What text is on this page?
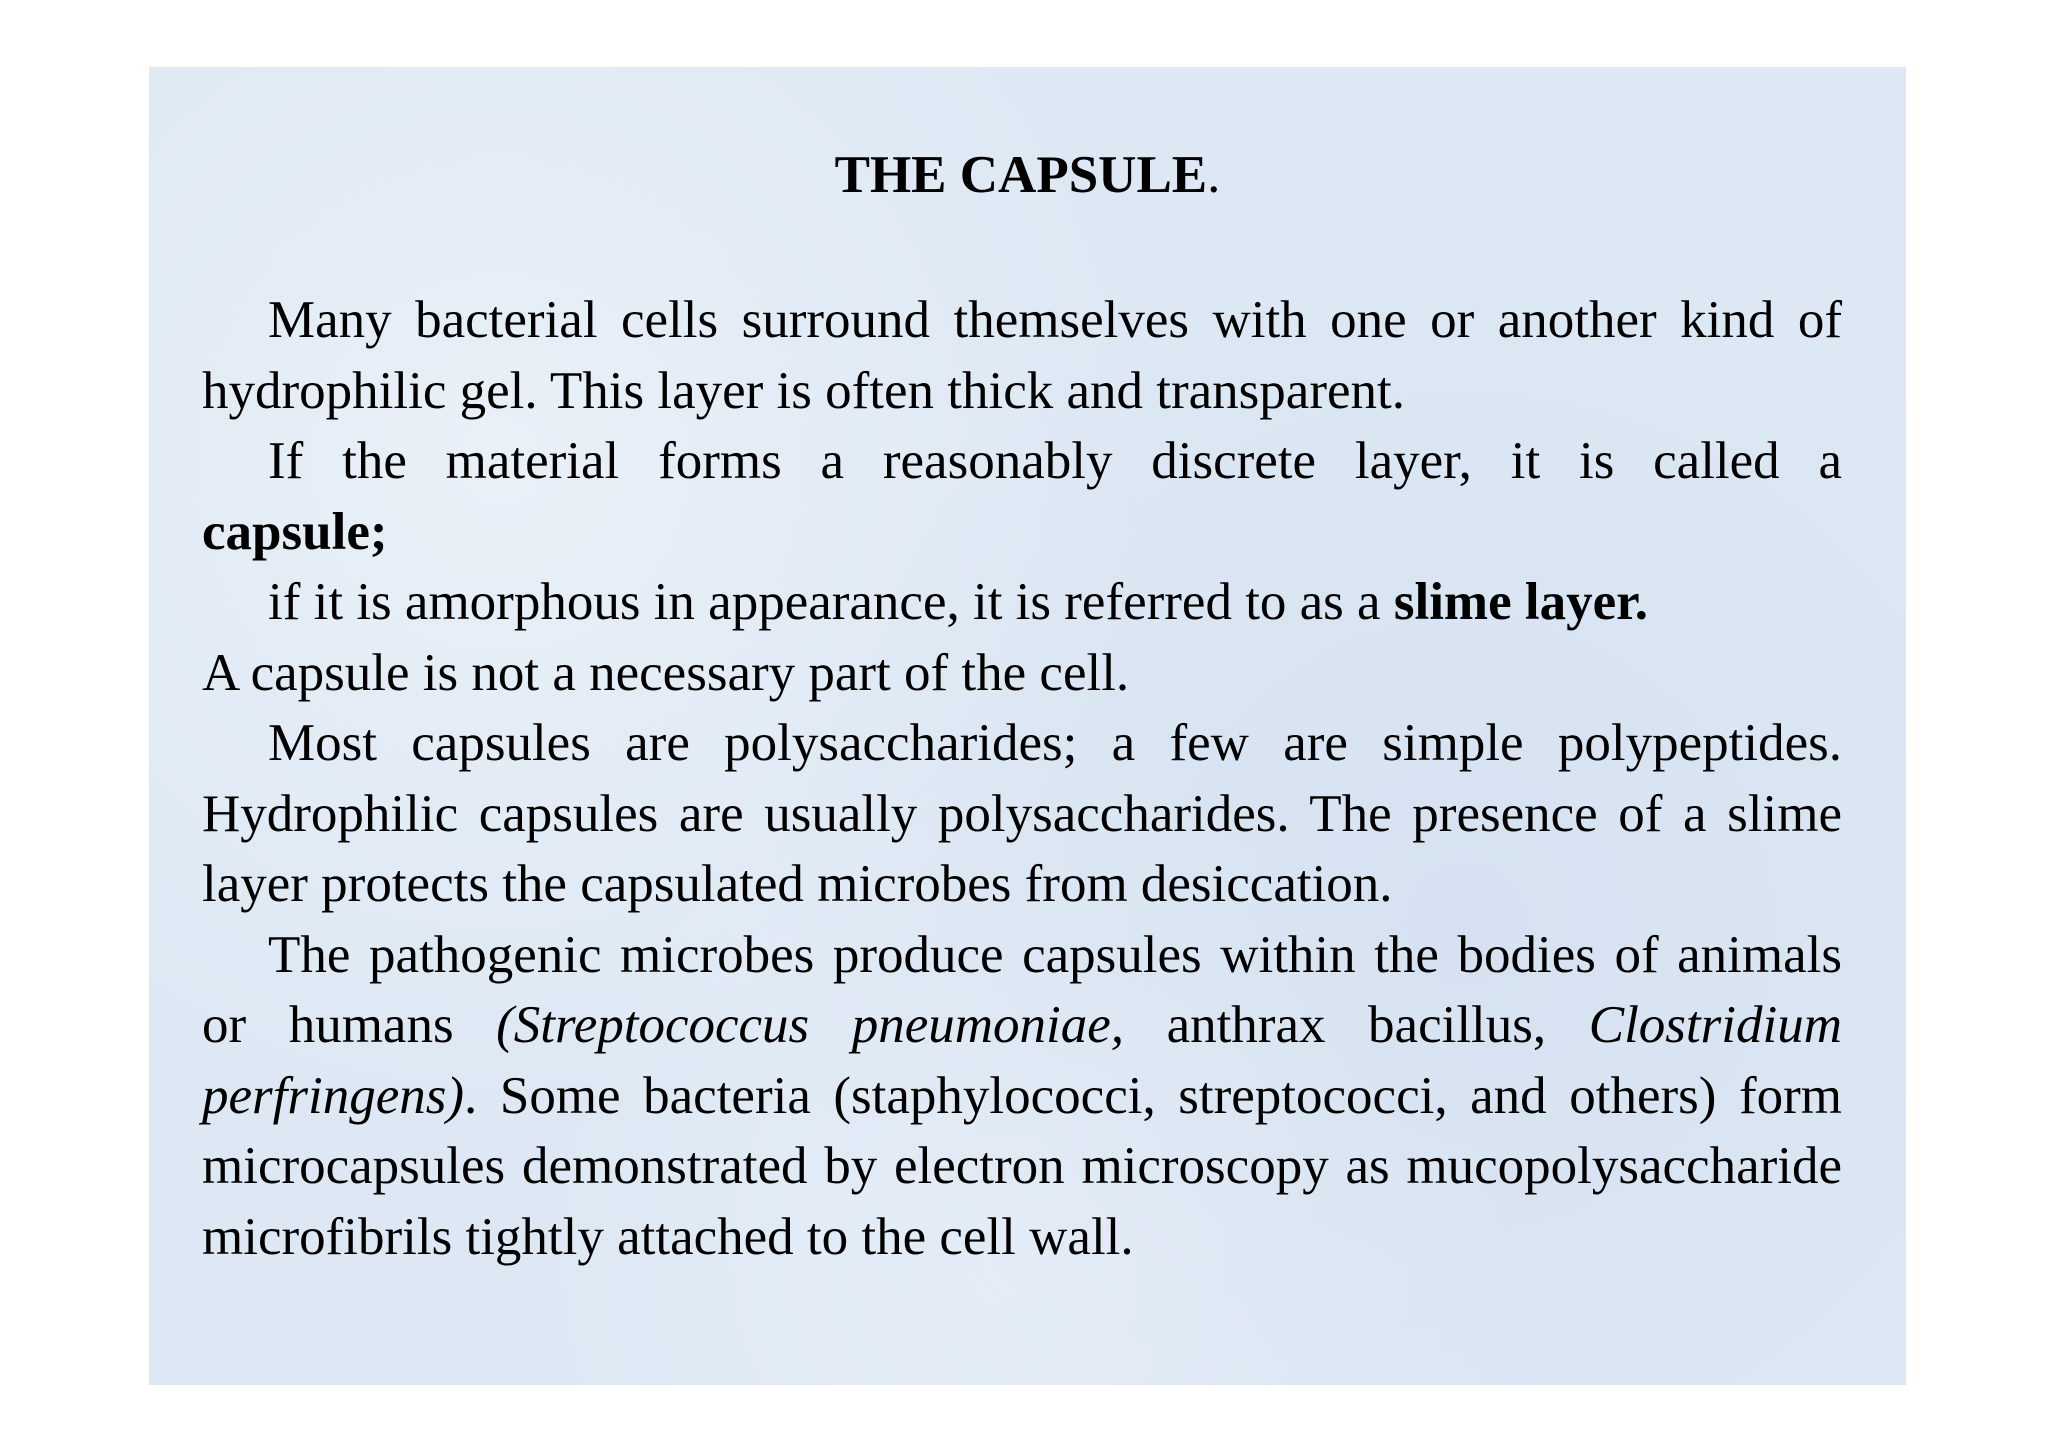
THE CAPSULE.

Many bacterial cells surround themselves with one or another kind of hydrophilic gel. This layer is often thick and transparent.

If the material forms a reasonably discrete layer, it is called a

capsule;

if it is amorphous in appearance, it is referred to as a slime layer.

A capsule is not a necessary part of the cell.

Most capsules are polysaccharides; a few are simple polypeptides. Hydrophilic capsules are usually polysaccharides. The presence of a slime layer protects the capsulated microbes from desiccation.

The pathogenic microbes produce capsules within the bodies of animals or humans (Streptococcus pneumoniae, anthrax bacillus, Clostridium perfringens). Some bacteria (staphylococci, streptococci, and others) form microcapsules demonstrated by electron microscopy as mucopolysaccharide microfibrils tightly attached to the cell wall.
